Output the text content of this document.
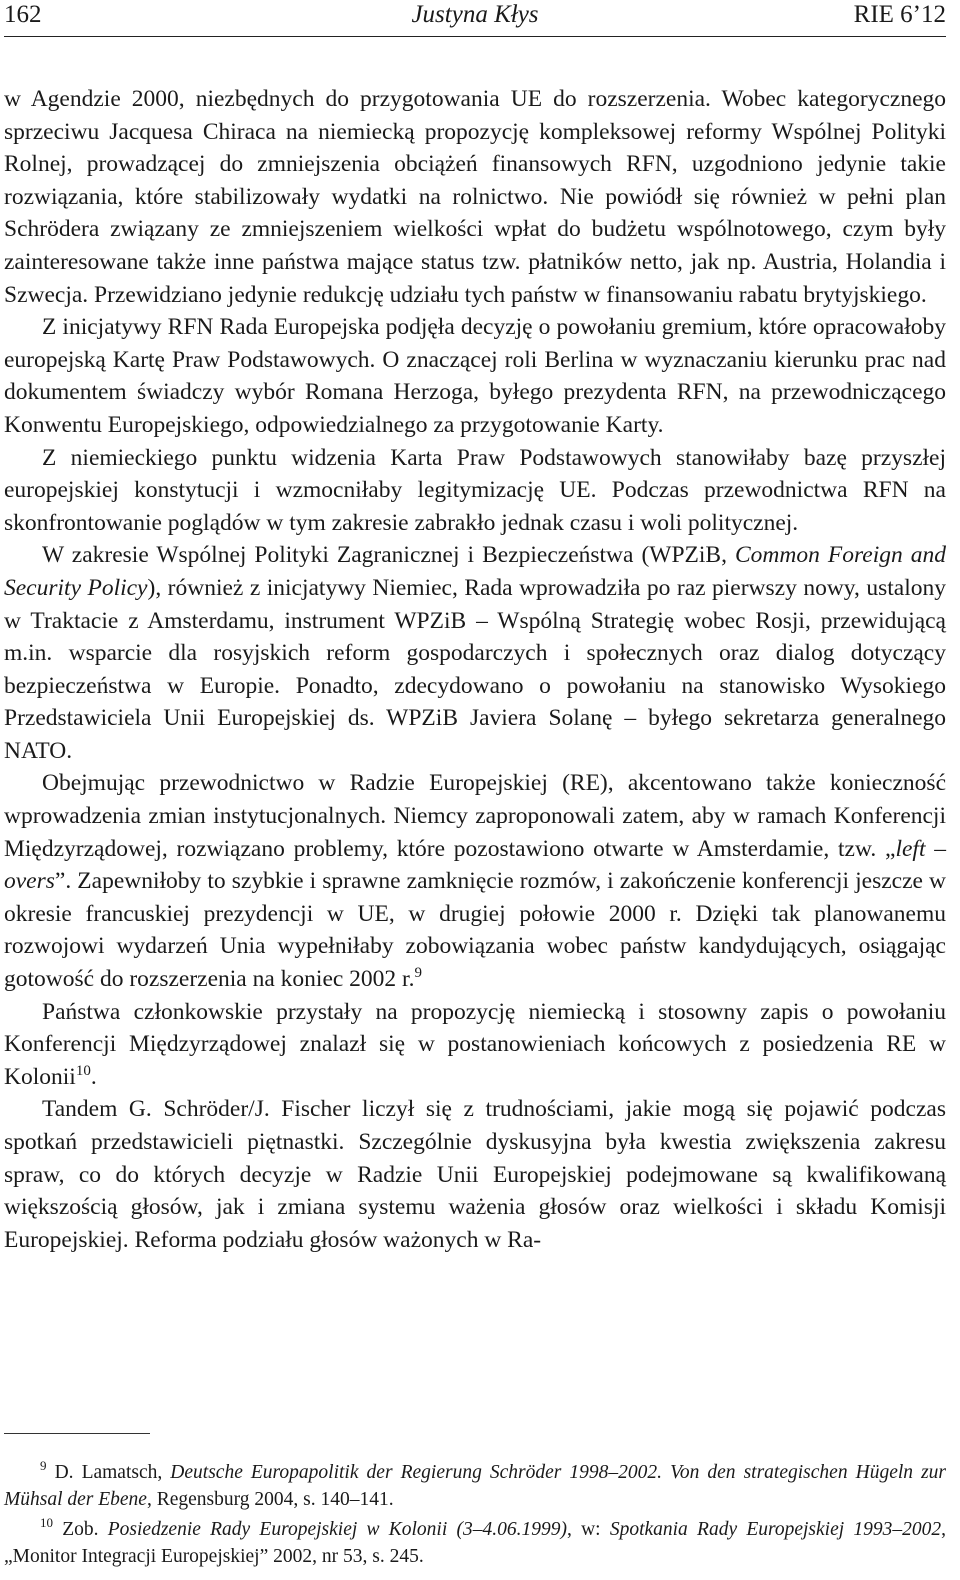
162	Justyna Kłys	RIE 6’12

w Agendzie 2000, niezbędnych do przygotowania UE do rozszerzenia. Wobec kategorycznego sprzeciwu Jacquesa Chiraca na niemiecką propozycję kompleksowej reformy Wspólnej Polityki Rolnej, prowadzącej do zmniejszenia obciążeń finansowych RFN, uzgodniono jedynie takie rozwiązania, które stabilizowały wydatki na rolnictwo. Nie powiódł się również w pełni plan Schrödera związany ze zmniejszeniem wielkości wpłat do budżetu wspólnotowego, czym były zainteresowane także inne państwa mające status tzw. płatników netto, jak np. Austria, Holandia i Szwecja. Przewidziano jedynie redukcję udziału tych państw w finansowaniu rabatu brytyjskiego.

Z inicjatywy RFN Rada Europejska podjęła decyzję o powołaniu gremium, które opracowałoby europejską Kartę Praw Podstawowych. O znaczącej roli Berlina w wyznaczaniu kierunku prac nad dokumentem świadczy wybór Romana Herzoga, byłego prezydenta RFN, na przewodniczącego Konwentu Europejskiego, odpowiedzialnego za przygotowanie Karty.

Z niemieckiego punktu widzenia Karta Praw Podstawowych stanowiłaby bazę przyszłej europejskiej konstytucji i wzmocniłaby legitymizację UE. Podczas przewodnictwa RFN na skonfrontowanie poglądów w tym zakresie zabrakło jednak czasu i woli politycznej.

W zakresie Wspólnej Polityki Zagranicznej i Bezpieczeństwa (WPZiB, Common Foreign and Security Policy), również z inicjatywy Niemiec, Rada wprowadziła po raz pierwszy nowy, ustalony w Traktacie z Amsterdamu, instrument WPZiB – Wspólną Strategię wobec Rosji, przewidującą m.in. wsparcie dla rosyjskich reform gospodarczych i społecznych oraz dialog dotyczący bezpieczeństwa w Europie. Ponadto, zdecydowano o powołaniu na stanowisko Wysokiego Przedstawiciela Unii Europejskiej ds. WPZiB Javiera Solanę – byłego sekretarza generalnego NATO.

Obejmując przewodnictwo w Radzie Europejskiej (RE), akcentowano także konieczność wprowadzenia zmian instytucjonalnych. Niemcy zaproponowali zatem, aby w ramach Konferencji Międzyrządowej, rozwiązano problemy, które pozostawiono otwarte w Amsterdamie, tzw. „left – overs”. Zapewniłoby to szybkie i sprawne zamknięcie rozmów, i zakończenie konferencji jeszcze w okresie francuskiej prezydencji w UE, w drugiej połowie 2000 r. Dzięki tak planowanemu rozwojowi wydarzeń Unia wypełniłaby zobowiązania wobec państw kandydujących, osiągając gotowość do rozszerzenia na koniec 2002 r.$^9$

Państwa członkowskie przystały na propozycję niemiecką i stosowny zapis o powołaniu Konferencji Międzyrządowej znalazł się w postanowieniach końcowych z posiedzenia RE w Kolonii$^{10}$.

Tandem G. Schröder/J. Fischer liczył się z trudnościami, jakie mogą się pojawić podczas spotkań przedstawicieli piętnastki. Szczególnie dyskusyjna była kwestia zwiększenia zakresu spraw, co do których decyzje w Radzie Unii Europejskiej podejmowane są kwalifikowaną większością głosów, jak i zmiana systemu ważenia głosów oraz wielkości i składu Komisji Europejskiej. Reforma podziału głosów ważonych w Ra-

$^9$ D. Lamatsch, Deutsche Europapolitik der Regierung Schröder 1998–2002. Von den strategischen Hügeln zur Mühsal der Ebene, Regensburg 2004, s. 140–141.

$^{10}$ Zob. Posiedzenie Rady Europejskiej w Kolonii (3–4.06.1999), w: Spotkania Rady Europejskiej 1993–2002, „Monitor Integracji Europejskiej” 2002, nr 53, s. 245.
